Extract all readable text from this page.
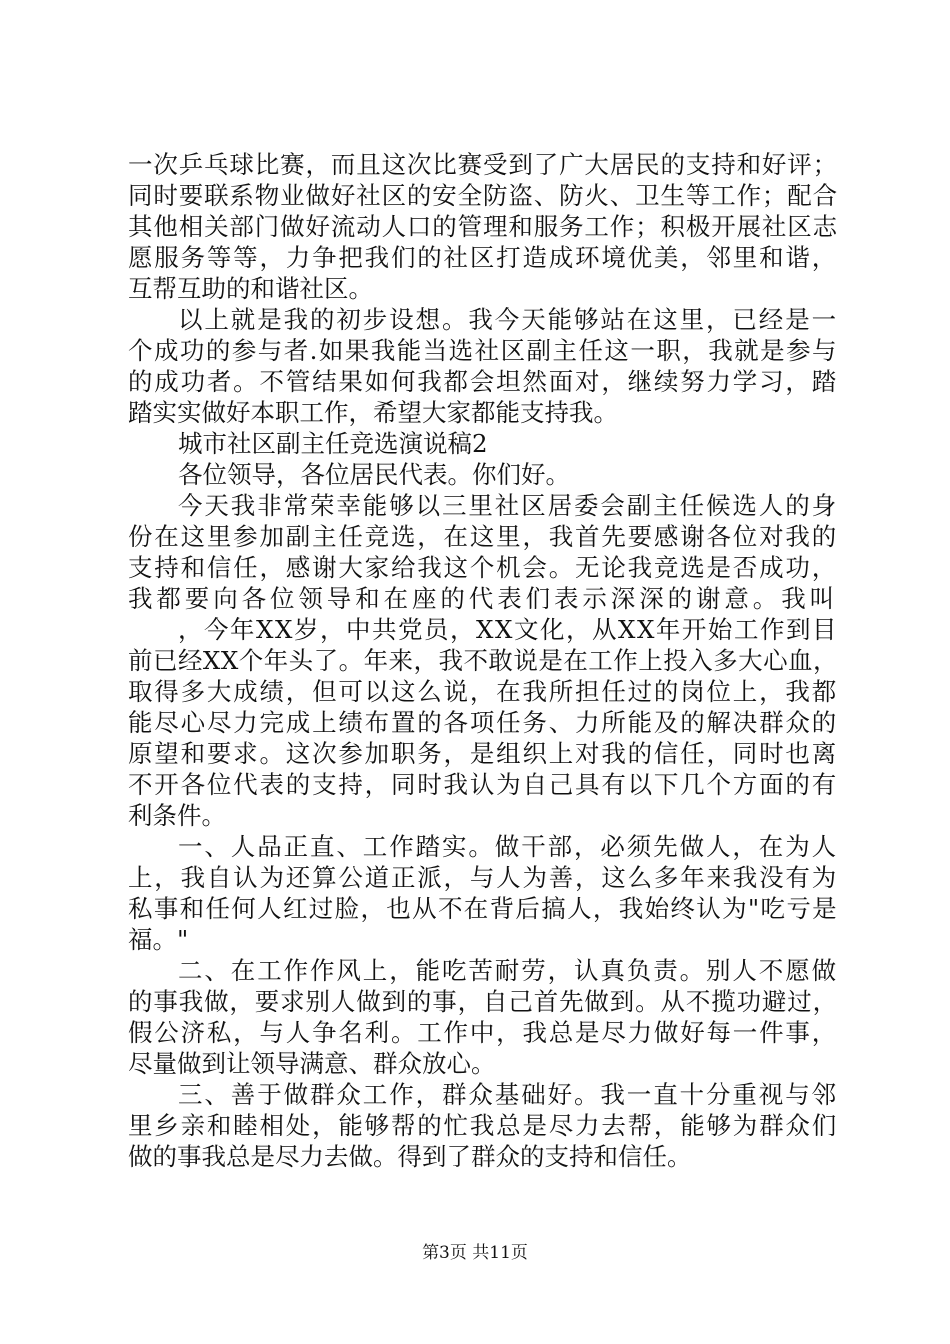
一次乒乓球比赛，而且这次比赛受到了广大居民的支持和好评；
同时要联系物业做好社区的安全防盗、防火、卫生等工作；配合
其他相关部门做好流动人口的管理和服务工作；积极开展社区志
愿服务等等，力争把我们的社区打造成环境优美，邻里和谐，
互帮互助的和谐社区。
以上就是我的初步设想。我今天能够站在这里，已经是一
个成功的参与者.如果我能当选社区副主任这一职，我就是参与
的成功者。不管结果如何我都会坦然面对，继续努力学习，踏
踏实实做好本职工作，希望大家都能支持我。
城市社区副主任竞选演说稿2
各位领导，各位居民代表。你们好。
今天我非常荣幸能够以三里社区居委会副主任候选人的身
份在这里参加副主任竞选，在这里，我首先要感谢各位对我的
支持和信任，感谢大家给我这个机会。无论我竞选是否成功，
我都要向各位领导和在座的代表们表示深深的谢意。我叫
，今年XX岁，中共党员，XX文化，从XX年开始工作到目
前已经XX个年头了。年来，我不敢说是在工作上投入多大心血，
取得多大成绩，但可以这么说，在我所担任过的岗位上，我都
能尽心尽力完成上绩布置的各项任务、力所能及的解决群众的
原望和要求。这次参加职务，是组织上对我的信任，同时也离
不开各位代表的支持，同时我认为自己具有以下几个方面的有
利条件。
一、人品正直、工作踏实。做干部，必须先做人，在为人
上，我自认为还算公道正派，与人为善，这么多年来我没有为
私事和任何人红过脸，也从不在背后搞人，我始终认为"吃亏是
福。"
二、在工作作风上，能吃苦耐劳，认真负责。别人不愿做
的事我做，要求别人做到的事，自己首先做到。从不揽功避过，
假公济私，与人争名利。工作中，我总是尽力做好每一件事，
尽量做到让领导满意、群众放心。
三、善于做群众工作，群众基础好。我一直十分重视与邻
里乡亲和睦相处，能够帮的忙我总是尽力去帮，能够为群众们
做的事我总是尽力去做。得到了群众的支持和信任。
第3页 共11页
